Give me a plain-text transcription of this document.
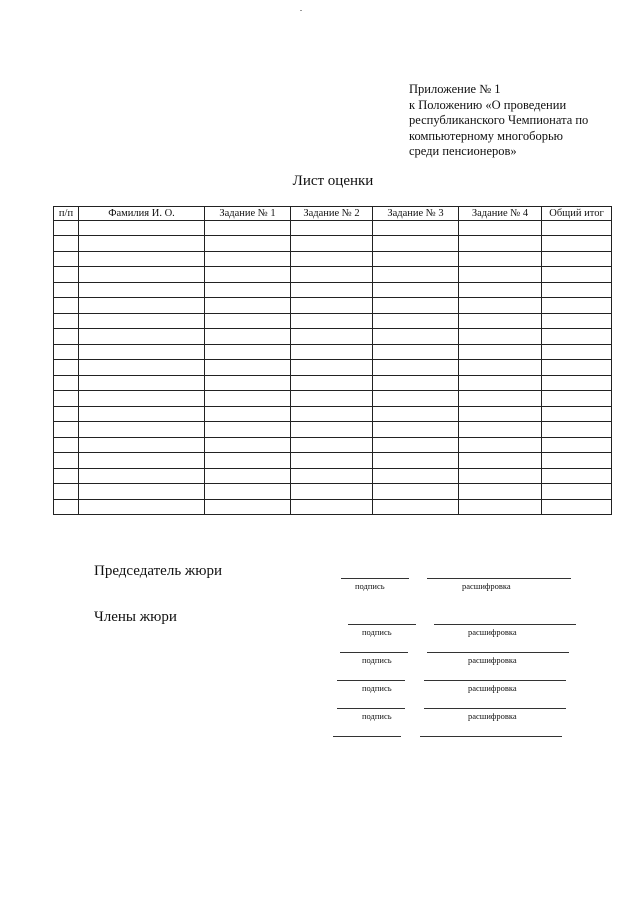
Приложение № 1
к Положению «О проведении
республиканского Чемпионата по
компьютерному многоборью
среди пенсионеров»
Лист оценки
п/п	Фамилия И. О.	Задание № 1	Задание № 2	Задание № 3	Задание № 4	Общий итог

Председатель жюри
подпись	расшифровка
Члены жюри
подпись	расшифровка
подпись	расшифровка
подпись	расшифровка
подпись	расшифровка
